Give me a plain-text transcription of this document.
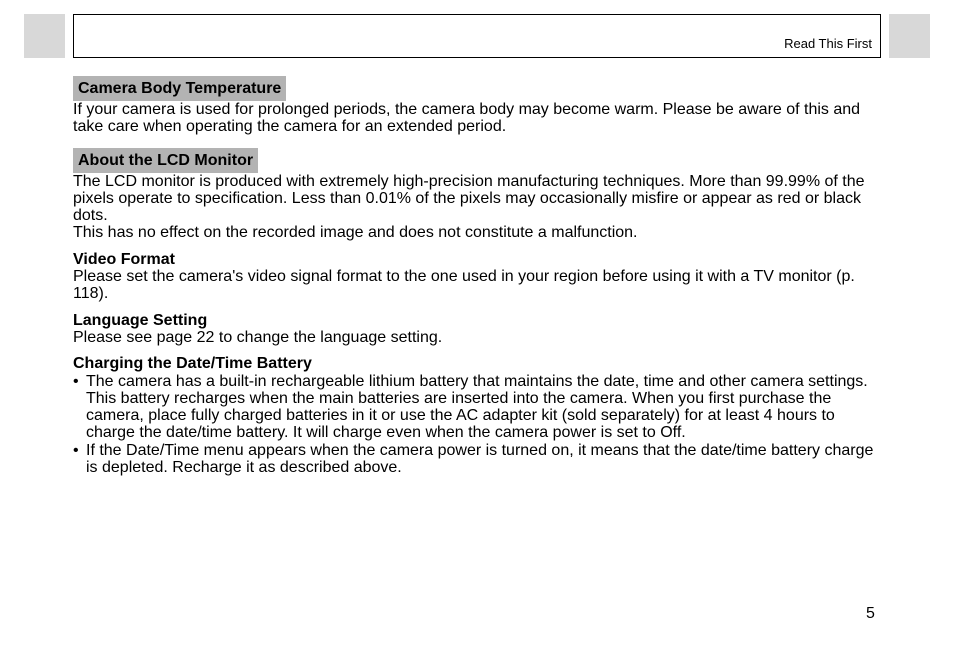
Read This First
Camera Body Temperature

If your camera is used for prolonged periods, the camera body may become warm. Please be aware of this and take care when operating the camera for an extended period.

About the LCD Monitor

The LCD monitor is produced with extremely high-precision manufacturing techniques. More than 99.99% of the pixels operate to specification. Less than 0.01% of the pixels may occasionally misfire or appear as red or black dots.

This has no effect on the recorded image and does not constitute a malfunction.

Video Format

Please set the camera's video signal format to the one used in your region before using it with a TV monitor (p. 118).

Language Setting

Please see page 22 to change the language setting.

Charging the Date/Time Battery

• The camera has a built-in rechargeable lithium battery that maintains the date, time and other camera settings. This battery recharges when the main batteries are inserted into the camera. When you first purchase the camera, place fully charged batteries in it or use the AC adapter kit (sold separately) for at least 4 hours to charge the date/time battery. It will charge even when the camera power is set to Off.
• If the Date/Time menu appears when the camera power is turned on, it means that the date/time battery charge is depleted. Recharge it as described above.
5
